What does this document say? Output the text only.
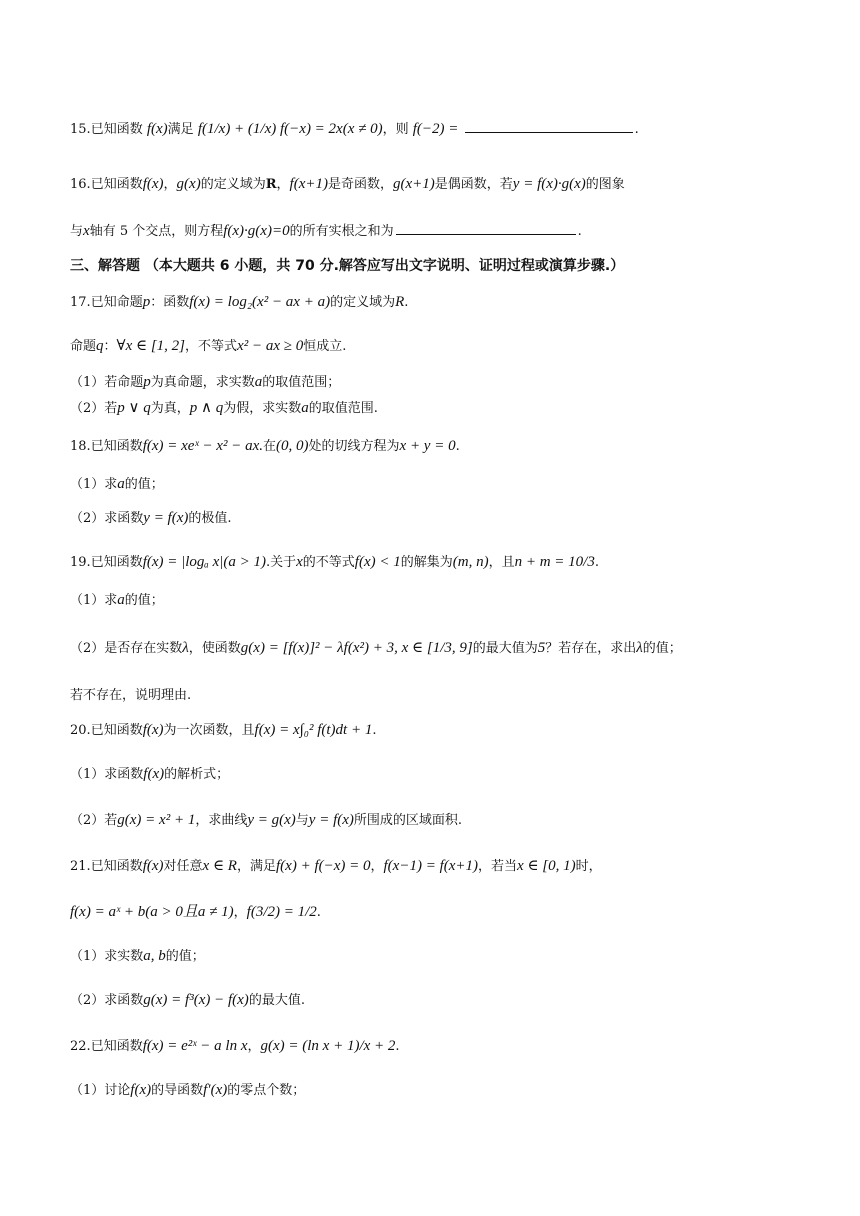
15.已知函数 f(x)满足 f(1/x) + (1/x) f(−x) = 2x(x ≠ 0)，则 f(−2) =	.
16.已知函数f(x)，g(x)的定义域为R，f(x+1)是奇函数，g(x+1)是偶函数，若y = f(x)·g(x)的图象
与x轴有 5 个交点，则方程f(x)·g(x)=0的所有实根之和为	.
三、解答题 （本大题共 6 小题，共 70 分.解答应写出文字说明、证明过程或演算步骤.）
17.已知命题p：函数f(x) = log₂(x² − ax + a)的定义域为R.
命题q：∀x ∈ [1, 2]，不等式x² − ax ≥ 0恒成立.
（1）若命题p为真命题，求实数a的取值范围；
（2）若p ∨ q为真，p ∧ q为假，求实数a的取值范围.
18.已知函数f(x) = xeˣ − x² − ax.在(0, 0)处的切线方程为x + y = 0.
（1）求a的值；
（2）求函数y = f(x)的极值.
19.已知函数f(x) = |logₐ x|(a > 1).关于x的不等式f(x) < 1的解集为(m, n)，且n + m = 10/3.
（1）求a的值；
（2）是否存在实数λ，使函数g(x) = [f(x)]² − λf(x²) + 3, x ∈ [1/3, 9]的最大值为5？若存在，求出λ的值；
若不存在，说明理由.
20.已知函数f(x)为一次函数，且f(x) = x∫₀² f(t)dt + 1.
（1）求函数f(x)的解析式；
（2）若g(x) = x² + 1，求曲线y = g(x)与y = f(x)所围成的区域面积.
21.已知函数f(x)对任意x ∈ R，满足f(x) + f(−x) = 0，f(x−1) = f(x+1)，若当x ∈ [0, 1)时，
f(x) = aˣ + b(a > 0且a ≠ 1)，f(3/2) = 1/2.
（1）求实数a, b的值；
（2）求函数g(x) = f³(x) − f(x)的最大值.
22.已知函数f(x) = e²ˣ − a ln x，g(x) = (ln x + 1)/x + 2.
（1）讨论f(x)的导函数f′(x)的零点个数；
